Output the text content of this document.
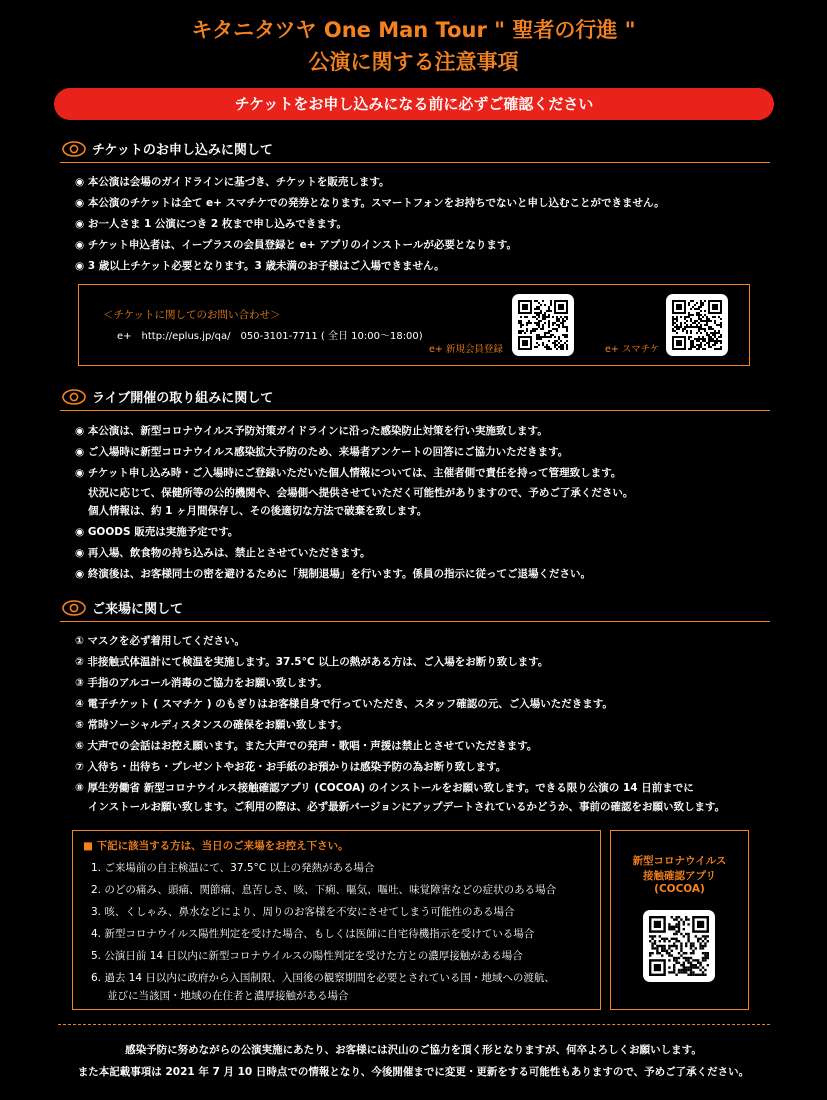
キタニタツヤ One Man Tour " 聖者の行進 "
公演に関する注意事項
チケットをお申し込みになる前に必ずご確認ください
チケットのお申し込みに関して
◉ 本公演は会場のガイドラインに基づき、チケットを販売します。
◉ 本公演のチケットは全て e+ スマチケでの発券となります。スマートフォンをお持ちでないと申し込むことができません。
◉ お一人さま 1 公演につき 2 枚まで申し込みできます。
◉ チケット申込者は、イープラスの会員登録と e+ アプリのインストールが必要となります。
◉ 3 歳以上チケット必要となります。3 歳未満のお子様はご入場できません。
＜チケットに関してのお問い合わせ＞
e+　http://eplus.jp/qa/　050-3101-7711 ( 全日 10:00〜18:00)
e+ 新規会員登録	e+ スマチケ
ライブ開催の取り組みに関して
◉ 本公演は、新型コロナウイルス予防対策ガイドラインに沿った感染防止対策を行い実施致します。
◉ ご入場時に新型コロナウイルス感染拡大予防のため、来場者アンケートの回答にご協力いただきます。
◉ チケット申し込み時・ご入場時にご登録いただいた個人情報については、主催者側で責任を持って管理致します。
状況に応じて、保健所等の公的機関や、会場側へ提供させていただく可能性がありますので、予めご了承ください。
個人情報は、約 1 ヶ月間保存し、その後適切な方法で破棄を致します。
◉ GOODS 販売は実施予定です。
◉ 再入場、飲食物の持ち込みは、禁止とさせていただきます。
◉ 終演後は、お客様同士の密を避けるために「規制退場」を行います。係員の指示に従ってご退場ください。
ご来場に関して
① マスクを必ず着用してください。
② 非接触式体温計にて検温を実施します。37.5°C 以上の熱がある方は、ご入場をお断り致します。
③ 手指のアルコール消毒のご協力をお願い致します。
④ 電子チケット ( スマチケ ) のもぎりはお客様自身で行っていただき、スタッフ確認の元、ご入場いただきます。
⑤ 常時ソーシャルディスタンスの確保をお願い致します。
⑥ 大声での会話はお控え願います。また大声での発声・歌唱・声援は禁止とさせていただきます。
⑦ 入待ち・出待ち・プレゼントやお花・お手紙のお預かりは感染予防の為お断り致します。
⑧ 厚生労働省 新型コロナウイルス接触確認アプリ (COCOA) のインストールをお願い致します。できる限り公演の 14 日前までに
インストールお願い致します。ご利用の際は、必ず最新バージョンにアップデートされているかどうか、事前の確認をお願い致します。
■ 下記に該当する方は、当日のご来場をお控え下さい。
1. ご来場前の自主検温にて、37.5°C 以上の発熱がある場合
2. のどの痛み、頭痛、関節痛、息苦しさ、咳、下痢、嘔気、嘔吐、味覚障害などの症状のある場合
3. 咳、くしゃみ、鼻水などにより、周りのお客様を不安にさせてしまう可能性のある場合
4. 新型コロナウイルス陽性判定を受けた場合、もしくは医師に自宅待機指示を受けている場合
5. 公演日前 14 日以内に新型コロナウイルスの陽性判定を受けた方との濃厚接触がある場合
6. 過去 14 日以内に政府から入国制限、入国後の観察期間を必要とされている国・地域への渡航、
並びに当該国・地域の在住者と濃厚接触がある場合
新型コロナウイルス
接触確認アプリ
(COCOA)
感染予防に努めながらの公演実施にあたり、お客様には沢山のご協力を頂く形となりますが、何卒よろしくお願いします。
また本記載事項は 2021 年 7 月 10 日時点での情報となり、今後開催までに変更・更新をする可能性もありますので、予めご了承ください。
